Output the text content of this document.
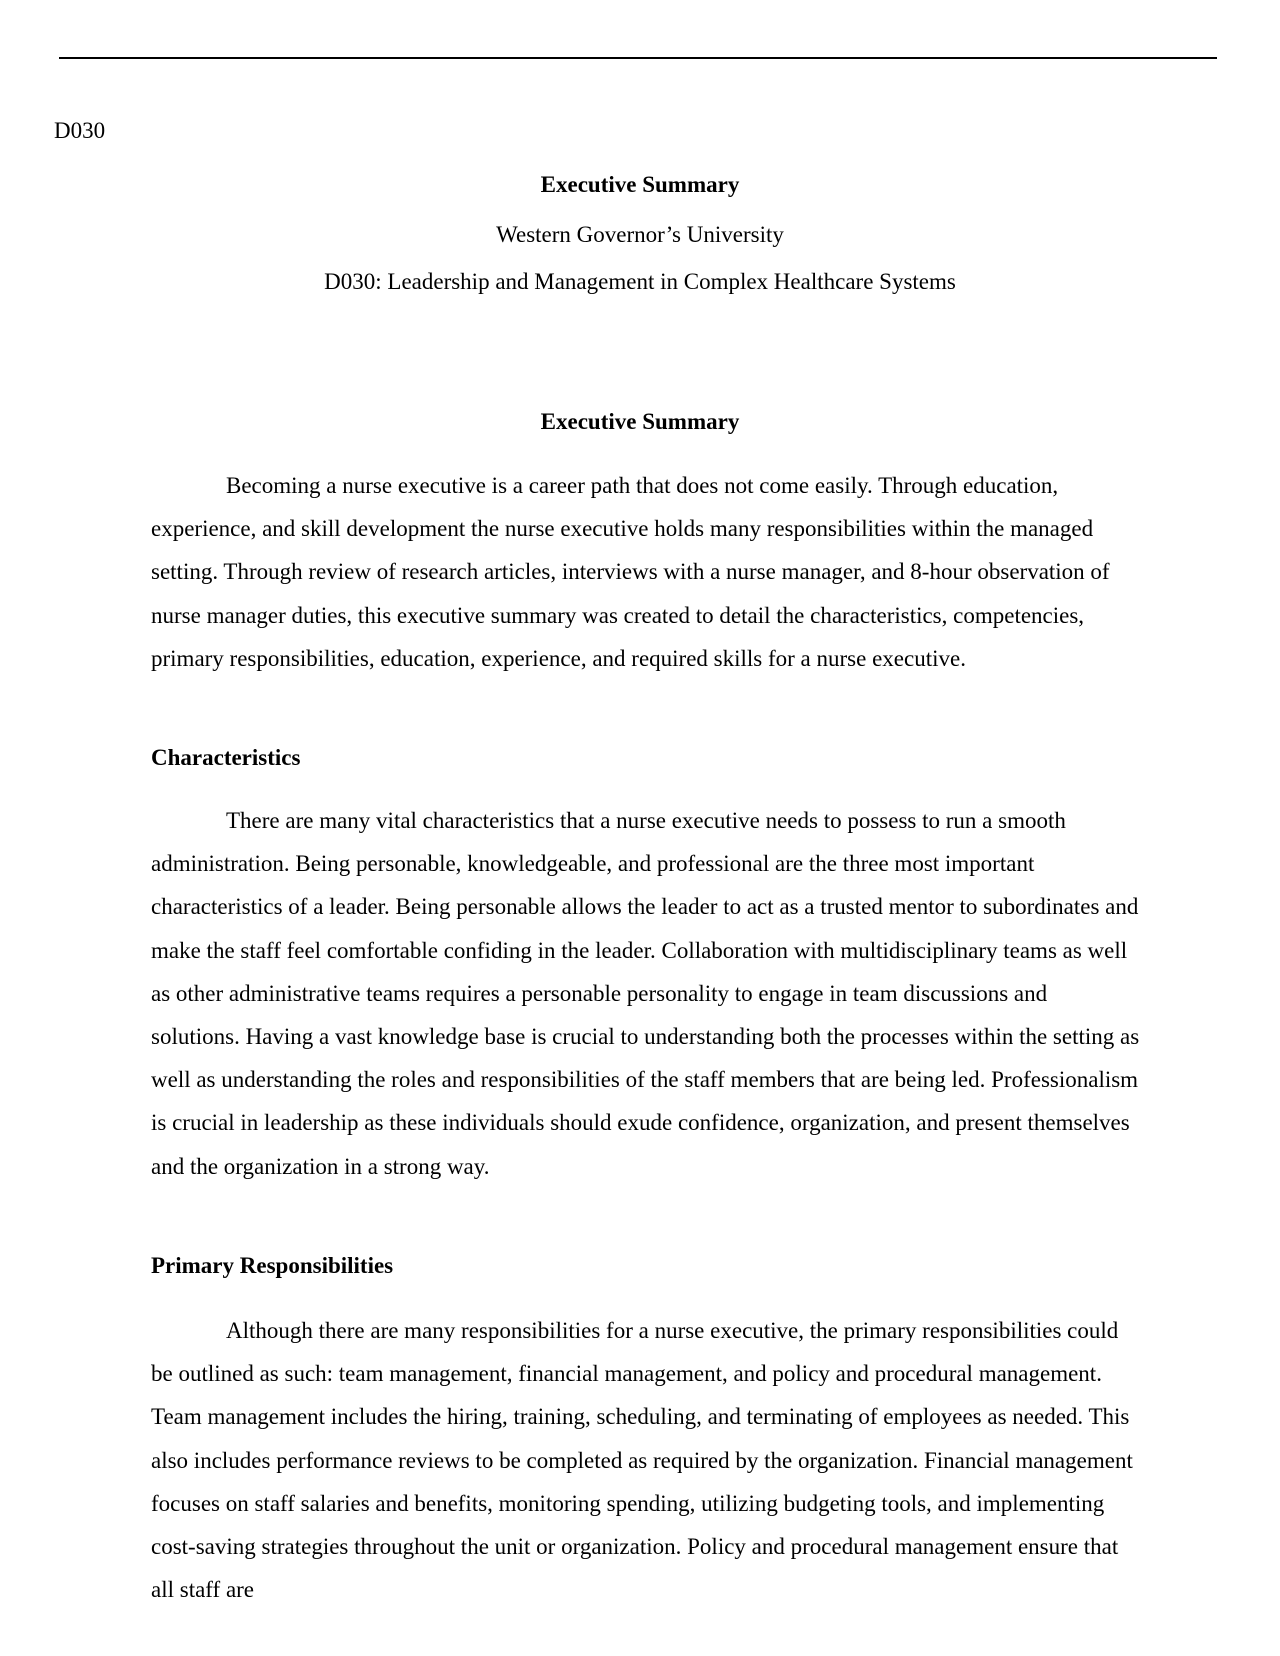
D030
Executive Summary
Western Governor’s University
D030: Leadership and Management in Complex Healthcare Systems
Executive Summary

Becoming a nurse executive is a career path that does not come easily. Through education, experience, and skill development the nurse executive holds many responsibilities within the managed setting. Through review of research articles, interviews with a nurse manager, and 8-hour observation of nurse manager duties, this executive summary was created to detail the characteristics, competencies, primary responsibilities, education, experience, and required skills for a nurse executive.

Characteristics

There are many vital characteristics that a nurse executive needs to possess to run a smooth administration. Being personable, knowledgeable, and professional are the three most important characteristics of a leader. Being personable allows the leader to act as a trusted mentor to subordinates and make the staff feel comfortable confiding in the leader. Collaboration with multidisciplinary teams as well as other administrative teams requires a personable personality to engage in team discussions and solutions. Having a vast knowledge base is crucial to understanding both the processes within the setting as well as understanding the roles and responsibilities of the staff members that are being led. Professionalism is crucial in leadership as these individuals should exude confidence, organization, and present themselves and the organization in a strong way.

Primary Responsibilities

Although there are many responsibilities for a nurse executive, the primary responsibilities could be outlined as such: team management, financial management, and policy and procedural management. Team management includes the hiring, training, scheduling, and terminating of employees as needed. This also includes performance reviews to be completed as required by the organization. Financial management focuses on staff salaries and benefits, monitoring spending, utilizing budgeting tools, and implementing cost-saving strategies throughout the unit or organization. Policy and procedural management ensure that all staff are
